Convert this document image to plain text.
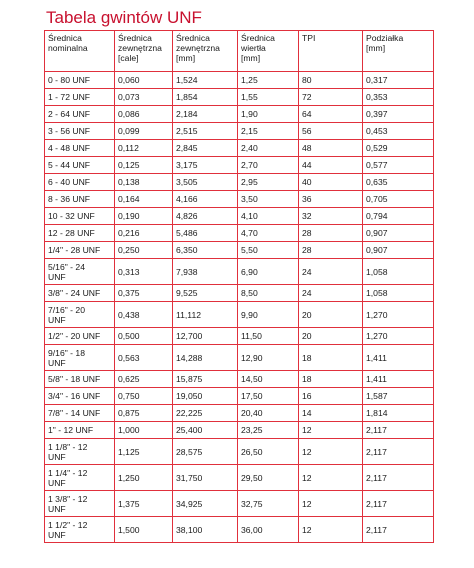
Tabela gwintów UNF
Średnica
nominalna	Średnica
zewnętrzna
[cale]	Średnica
zewnętrzna
[mm]	Średnica
wiertła
[mm]	TPI	Podziałka
[mm]
0 - 80 UNF	0,060	1,524	1,25	80	0,317
1 - 72 UNF	0,073	1,854	1,55	72	0,353
2 - 64 UNF	0,086	2,184	1,90	64	0,397
3 - 56 UNF	0,099	2,515	2,15	56	0,453
4 - 48 UNF	0,112	2,845	2,40	48	0,529
5 - 44 UNF	0,125	3,175	2,70	44	0,577
6 - 40 UNF	0,138	3,505	2,95	40	0,635
8 - 36 UNF	0,164	4,166	3,50	36	0,705
10 - 32 UNF	0,190	4,826	4,10	32	0,794
12 - 28 UNF	0,216	5,486	4,70	28	0,907
1/4" - 28 UNF	0,250	6,350	5,50	28	0,907
5/16" - 24
UNF	0,313	7,938	6,90	24	1,058
3/8" - 24 UNF	0,375	9,525	8,50	24	1,058
7/16" - 20
UNF	0,438	11,112	9,90	20	1,270
1/2" - 20 UNF	0,500	12,700	11,50	20	1,270
9/16" - 18
UNF	0,563	14,288	12,90	18	1,411
5/8" - 18 UNF	0,625	15,875	14,50	18	1,411
3/4" - 16 UNF	0,750	19,050	17,50	16	1,587
7/8" - 14 UNF	0,875	22,225	20,40	14	1,814
1" - 12 UNF	1,000	25,400	23,25	12	2,117
1 1/8" - 12
UNF	1,125	28,575	26,50	12	2,117
1 1/4" - 12
UNF	1,250	31,750	29,50	12	2,117
1 3/8" - 12
UNF	1,375	34,925	32,75	12	2,117
1 1/2" - 12
UNF	1,500	38,100	36,00	12	2,117
